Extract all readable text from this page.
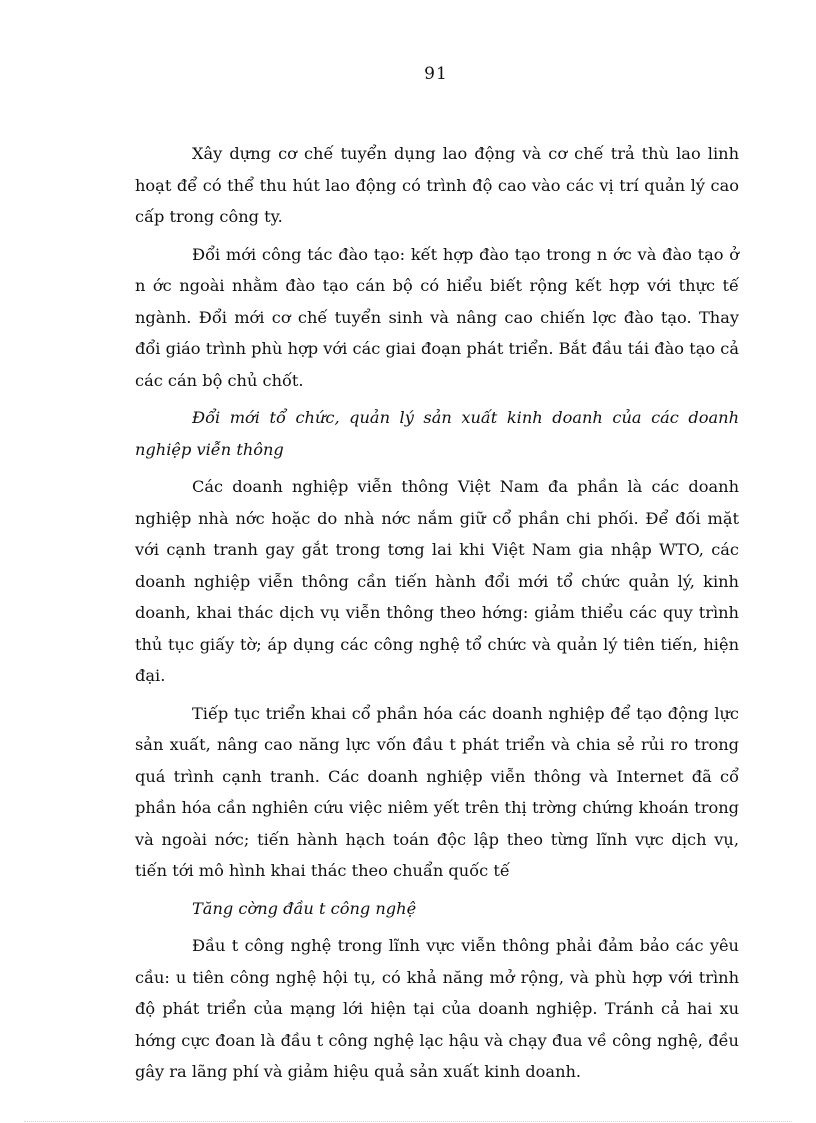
91

Xây dựng cơ chế tuyển dụng lao động và cơ chế trả thù lao linh hoạt để có thể thu hút lao động có trình độ cao vào các vị trí quản lý cao cấp trong công ty.

Đổi mới công tác đào tạo: kết hợp đào tạo trong n ớc và đào tạo ở n ớc ngoài nhằm đào tạo cán bộ có hiểu biết rộng kết hợp với thực tế ngành. Đổi mới cơ chế tuyển sinh và nâng cao chiến lợc đào tạo. Thay đổi giáo trình phù hợp với các giai đoạn phát triển. Bắt đầu tái đào tạo cả các cán bộ chủ chốt.

Đổi mới tổ chức, quản lý sản xuất kinh doanh của các doanh nghiệp viễn thông

Các doanh nghiệp viễn thông Việt Nam đa phần là các doanh nghiệp nhà nớc hoặc do nhà nớc nắm giữ cổ phần chi phối. Để đối mặt với cạnh tranh gay gắt trong tơng lai khi Việt Nam gia nhập WTO, các doanh nghiệp viễn thông cần tiến hành đổi mới tổ chức quản lý, kinh doanh, khai thác dịch vụ viễn thông theo hớng: giảm thiểu các quy trình thủ tục giấy tờ; áp dụng các công nghệ tổ chức và quản lý tiên tiến, hiện đại.

Tiếp tục triển khai cổ phần hóa các doanh nghiệp để tạo động lực sản xuất, nâng cao năng lực vốn đầu t phát triển và chia sẻ rủi ro trong quá trình cạnh tranh. Các doanh nghiệp viễn thông và Internet đã cổ phần hóa cần nghiên cứu việc niêm yết trên thị trờng chứng khoán trong và ngoài nớc; tiến hành hạch toán độc lập theo từng lĩnh vực dịch vụ, tiến tới mô hình khai thác theo chuẩn quốc tế

Tăng cờng đầu t công nghệ

Đầu t công nghệ trong lĩnh vực viễn thông phải đảm bảo các yêu cầu: u tiên công nghệ hội tụ, có khả năng mở rộng, và phù hợp với trình độ phát triển của mạng lới hiện tại của doanh nghiệp. Tránh cả hai xu hớng cực đoan là đầu t công nghệ lạc hậu và chạy đua về công nghệ, đều gây ra lãng phí và giảm hiệu quả sản xuất kinh doanh.
